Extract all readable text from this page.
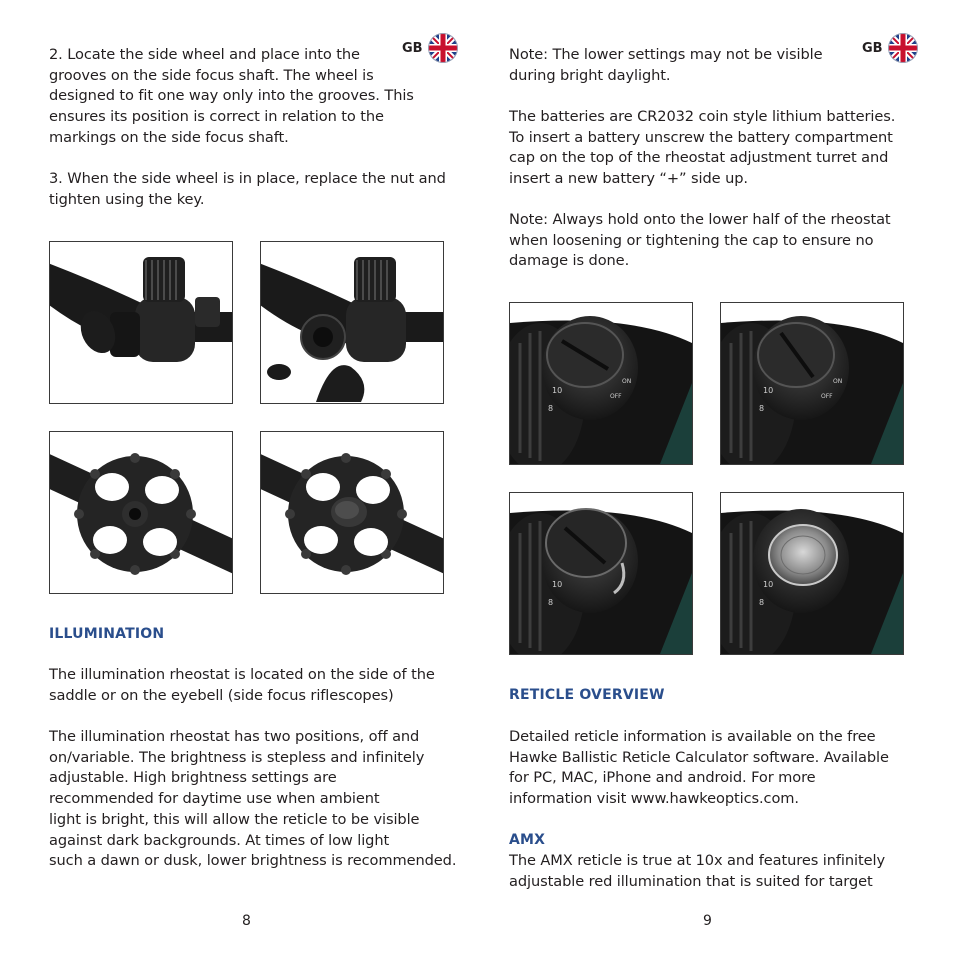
GB
2. Locate the side wheel and place into the
grooves on the side focus shaft. The wheel is
designed to fit one way only into the grooves. This
ensures its position is correct in relation to the
markings on the side focus shaft.
3. When the side wheel is in place, replace the nut and
tighten using the key.
ILLUMINATION
The illumination rheostat is located on the side of the
saddle or on the eyebell (side focus riflescopes)
The illumination rheostat has two positions, off and
on/variable. The brightness is stepless and infinitely
adjustable. High brightness settings are
recommended for daytime use when ambient
light is bright, this will allow the reticle to be visible
against dark backgrounds. At times of low light
such a dawn or dusk, lower brightness is recommended.
8
GB
Note: The lower settings may not be visible
during bright daylight.
The batteries are CR2032 coin style lithium batteries.
To insert a battery unscrew the battery compartment
cap on the top of the rheostat adjustment turret and
insert a new battery “+” side up.
Note: Always hold onto the lower half of the rheostat
when loosening or tightening the cap to ensure no
damage is done.
10
8
OFF
ON
10
8
OFF
ON
10
8
10
8
RETICLE OVERVIEW
Detailed reticle information is available on the free
Hawke Ballistic Reticle Calculator software. Available
for PC, MAC, iPhone and android. For more
information visit www.hawkeoptics.com.
AMX
The AMX reticle is true at 10x and features infinitely
adjustable red illumination that is suited for target
9
